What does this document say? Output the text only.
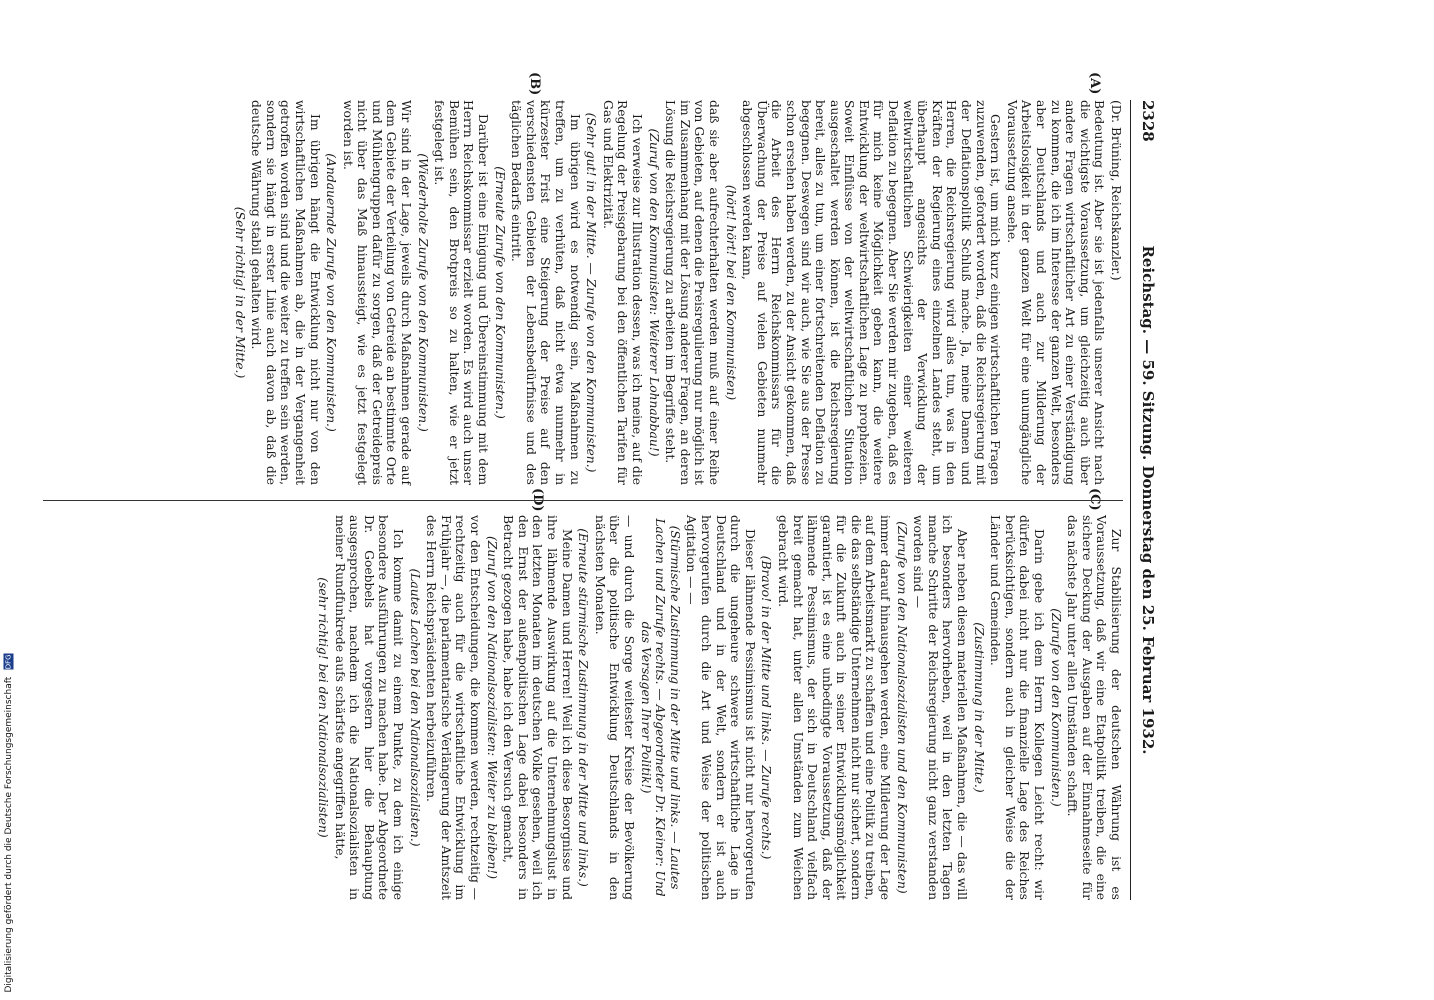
2328
Reichstag. — 59. Sitzung. Donnerstag den 25. Februar 1932.
(A)
(B)
(C)
(D)

(Dr. Brüning, Reichskanzler.)

Bedeutung ist. Aber sie ist jedenfalls unserer Ansicht nach die wichtigste Voraussetzung, um gleichzeitig auch über andere Fragen wirtschaftlicher Art zu einer Verständigung zu kommen, die ich im Interesse der ganzen Welt, besonders aber Deutschlands und auch zur Milderung der Arbeitslosigkeit in der ganzen Welt für eine unumgängliche Voraussetzung ansehe.

Gestern ist, um mich kurz einigen wirtschaftlichen Fragen zuzuwenden, gefordert worden, daß die Reichsregierung mit der Deflationspolitik Schluß mache. Ja, meine Damen und Herren, die Reichsregierung wird alles tun, was in den Kräften der Regierung eines einzelnen Landes steht, um überhaupt angesichts der Verwicklung der weltwirtschaftlichen Schwierigkeiten einer weiteren Deflation zu begegnen. Aber Sie werden mir zugeben, daß es für mich keine Möglichkeit geben kann, die weitere Entwicklung der weltwirtschaftlichen Lage zu prophezeien. Soweit Einflüsse von der weltwirtschaftlichen Situation ausgeschaltet werden können, ist die Reichsregierung bereit, alles zu tun, um einer fortschreitenden Deflation zu begegnen. Deswegen sind wir auch, wie Sie aus der Presse schon ersehen haben werden, zu der Ansicht gekommen, daß die Arbeit des Herrn Reichskommissars für die Überwachung der Preise auf vielen Gebieten nunmehr abgeschlossen werden kann,

(hört! hört! bei den Kommunisten)

daß sie aber aufrechterhalten werden muß auf einer Reihe von Gebieten, auf denen die Preisregulierung nur möglich ist im Zusammenhang mit der Lösung anderer Fragen, an deren Lösung die Reichsregierung zu arbeiten im Begriffe steht.

(Zuruf von den Kommunisten: Weiterer Lohnabbau!)

Ich verweise zur Illustration dessen, was ich meine, auf die Regelung der Preisgebarung bei den öffentlichen Tarifen für Gas und Elektrizität.

(Sehr gut! in der Mitte. — Zurufe von den Kommunisten.)

Im übrigen wird es notwendig sein, Maßnahmen zu treffen, um zu verhüten, daß nicht etwa nunmehr in kürzester Frist eine Steigerung der Preise auf den verschiedensten Gebieten der Lebensbedürfnisse und des täglichen Bedarfs eintritt.

(Erneute Zurufe von den Kommunisten.)

Darüber ist eine Einigung und Übereinstimmung mit dem Herrn Reichskommissar erzielt worden. Es wird auch unser Bemühen sein, den Brotpreis so zu halten, wie er jetzt festgelegt ist.

(Wiederholte Zurufe von den Kommunisten.)

Wir sind in der Lage, jeweils durch Maßnahmen gerade auf dem Gebiete der Verteilung von Getreide an bestimmte Orte und Mühlengruppen dafür zu sorgen, daß der Getreidepreis nicht über das Maß hinaussteigt, wie es jetzt festgelegt worden ist.

(Andauernde Zurufe von den Kommunisten.)

Im übrigen hängt die Entwicklung nicht nur von den wirtschaftlichen Maßnahmen ab, die in der Vergangenheit getroffen worden sind und die weiter zu treffen sein werden, sondern sie hängt in erster Linie auch davon ab, daß die deutsche Währung stabil gehalten wird.

(Sehr richtig! in der Mitte.)

Zur Stabilisierung der deutschen Währung ist es Voraussetzung, daß wir eine Etatpolitik treiben, die eine sichere Deckung der Ausgaben auf der Einnahmeseite für das nächste Jahr unter allen Umständen schafft.

(Zurufe von den Kommunisten.)

Darin gebe ich dem Herrn Kollegen Leicht recht: wir dürfen dabei nicht nur die finanzielle Lage des Reiches berücksichtigen, sondern auch in gleicher Weise die der Länder und Gemeinden.

(Zustimmung in der Mitte.)

Aber neben diesen materiellen Maßnahmen, die — das will ich besonders hervorheben, weil in den letzten Tagen manche Schritte der Reichsregierung nicht ganz verstanden worden sind —

(Zurufe von den Nationalsozialisten und den Kommunisten)

immer darauf hinausgehen werden, eine Milderung der Lage auf dem Arbeitsmarkt zu schaffen und eine Politik zu treiben, die das selbständige Unternehmen nicht nur sichert, sondern für die Zukunft auch in seiner Entwicklungsmöglichkeit garantiert, ist es eine unbedingte Voraussetzung, daß der lähmende Pessimismus, der sich in Deutschland vielfach breit gemacht hat, unter allen Umständen zum Weichen gebracht wird.

(Bravo! in der Mitte und links. — Zurufe rechts.)

Dieser lähmende Pessimismus ist nicht nur hervorgerufen durch die ungeheure schwere wirtschaftliche Lage in Deutschland und in der Welt, sondern er ist auch hervorgerufen durch die Art und Weise der politischen Agitation — —

(Stürmische Zustimmung in der Mitte und links. — Lautes Lachen und Zurufe rechts. — Abgeordneter Dr. Kleiner: Und das Versagen Ihrer Politik!)

— und durch die Sorge weitester Kreise der Bevölkerung über die politische Entwicklung Deutschlands in den nächsten Monaten.

(Erneute stürmische Zustimmung in der Mitte und links.)

Meine Damen und Herren! Weil ich diese Besorgnisse und ihre lähmende Auswirkung auf die Unternehmungslust in den letzten Monaten im deutschen Volke gesehen, weil ich den Ernst der außenpolitischen Lage dabei besonders in Betracht gezogen habe, habe ich den Versuch gemacht,

(Zuruf von den Nationalsozialisten: Weiter zu bleiben!)

vor den Entscheidungen, die kommen werden, rechtzeitig — rechtzeitig auch für die wirtschaftliche Entwicklung im Frühjahr —, die parlamentarische Verlängerung der Amtszeit des Herrn Reichspräsidenten herbeizuführen.

(Lautes Lachen bei den Nationalsozialisten.)

Ich komme damit zu einem Punkte, zu dem ich einige besondere Ausführungen zu machen habe. Der Abgeordnete Dr. Goebbels hat vorgestern hier die Behauptung ausgesprochen, nachdem ich die Nationalsozialisten in meiner Rundfunkrede aufs schärfste angegriffen hätte,

(sehr richtig! bei den Nationalsozialisten)

Digitalisierung gefördert durch die Deutsche Forschungsgemeinschaft DFG
